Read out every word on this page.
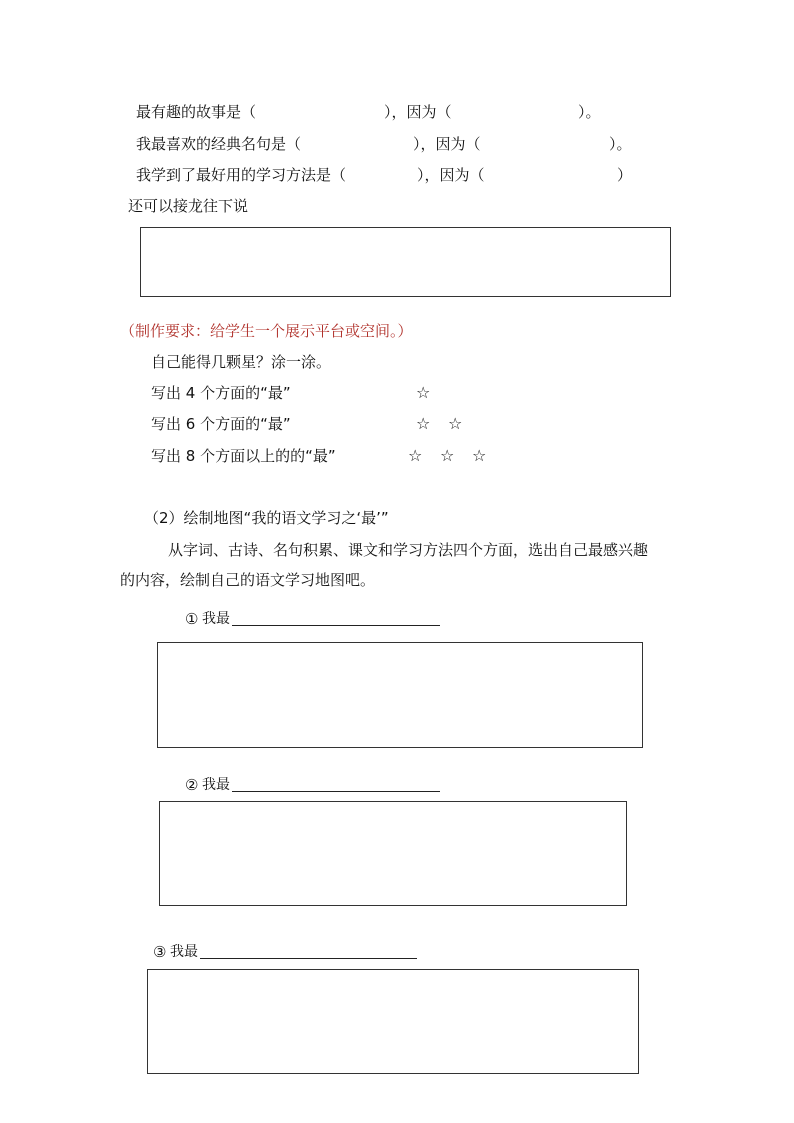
最有趣的故事是（	），因为（	）。
我最喜欢的经典名句是（	），因为（	）。
我学到了最好用的学习方法是（	），因为（	）
还可以接龙往下说
（制作要求：给学生一个展示平台或空间。）
自己能得几颗星？涂一涂。
写出 4 个方面的“最”	☆
写出 6 个方面的“最”	☆ ☆
写出 8 个方面以上的的“最”	☆ ☆ ☆
（2）绘制地图“我的语文学习之‘最’”
从字词、古诗、名句积累、课文和学习方法四个方面，选出自己最感兴趣
的内容，绘制自己的语文学习地图吧。
① 我最
② 我最
③ 我最
